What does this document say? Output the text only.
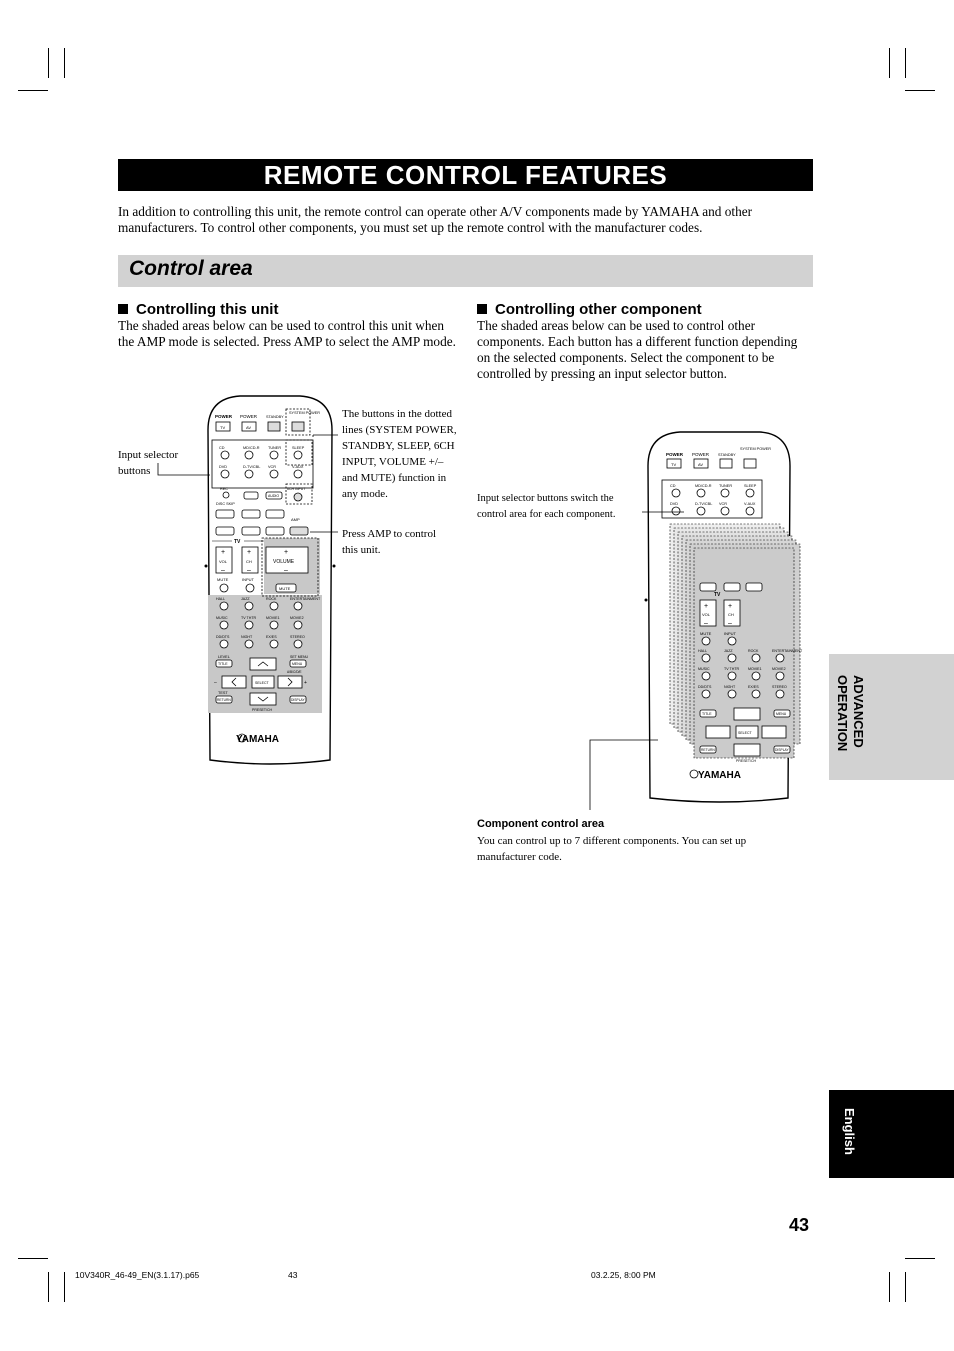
REMOTE CONTROL FEATURES
In addition to controlling this unit, the remote control can operate other A/V components made by YAMAHA and other manufacturers. To control other components, you must set up the remote control with the manufacturer codes.
Control area
Controlling this unit
The shaded areas below can be used to control this unit when the AMP mode is selected. Press AMP to select the AMP mode.
Input selector buttons
The buttons in the dotted lines (SYSTEM POWER, STANDBY, SLEEP, 6CH INPUT, VOLUME +/– and MUTE) function in any mode.
Press AMP to control this unit.
Controlling other component
The shaded areas below can be used to control other components. Each button has a different function depending on the selected components. Select the component to be controlled by pressing an input selector button.
Input selector buttons switch the control area for each component.
Component control area
You can control up to 7 different components. You can set up manufacturer code.
ADVANCED
OPERATION
English
43
10V340R_46-49_EN(3.1.17).p65	43	03.2.25, 8:00 PM
POWER
TV
POWER
AV
STANDBY
SYSTEM POWER
CD	MD/CD-R TUNER	SLEEP
DVD	D-TV/CBL VCR	V-AUX
REC
DISC SKIP
AUDIO
6CH INPUT
AMP
TV
+
VOL
–
+
CH
–
+
VOLUME
–
MUTE	INPUT
MUTE
HALL	JAZZ	ROCK	ENTERTAINMENT
MUSIC	TV THTR	MOVIE1	MOVIE2
DD/DTS	NIGHT	EX/ES	STEREO
LEVEL
TITLE
SET MENU
MENU
A/B/C/D/E
SELECT
–	+
TEST
RETURN	DISPLAY
PRESET/CH
YAMAHA
POWER
TV
POWER
AV
STANDBY
SYSTEM POWER
CD	MD/CD-R TUNER	SLEEP
DVD	D-TV/CBL VCR	V-AUX
TV
+
VOL
–
+
CH
–
MUTE	INPUT
HALL	JAZZ	ROCK	ENTERTAINMENT
MUSIC	TV THTR MOVIE1	MOVIE2
DD/DTS	NIGHT	EX/ES	STEREO
TITLE	MENU
SELECT
RETURN	DISPLAY
PRESET/CH
YAMAHA
